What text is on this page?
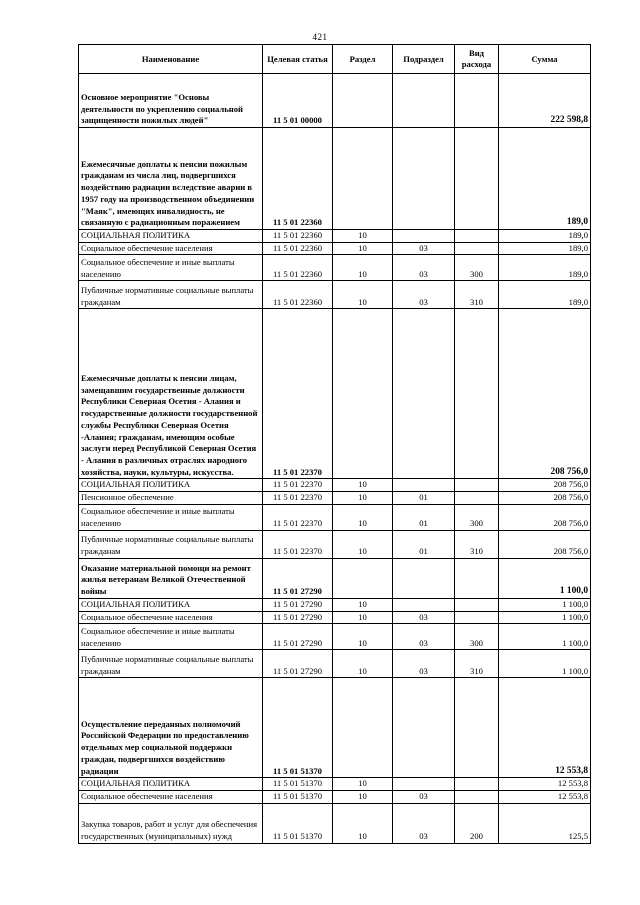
421
Наименование	Целевая статья	Раздел	Подраздел	Вид расхода	Сумма
Основное мероприятие "Основы деятельности по укреплению социальной защищенности пожилых людей"	11 5 01 00000				222 598,8
Ежемесячные доплаты к пенсии пожилым гражданам из числа лиц, подвергшихся воздействию радиации вследствие аварии в 1957 году на производственном объединении "Маяк", имеющих инвалидность, не связанную с радиационным поражением	11 5 01 22360				189,0
СОЦИАЛЬНАЯ ПОЛИТИКА	11 5 01 22360	10			189,0
Социальное обеспечение населения	11 5 01 22360	10	03		189,0
Социальное обеспечение и иные выплаты населению	11 5 01 22360	10	03	300	189,0
Публичные нормативные социальные выплаты гражданам	11 5 01 22360	10	03	310	189,0
Ежемесячные доплаты к пенсии лицам, замещавшим государственные должности Республики Северная Осетия - Алания и государственные должности государственной службы Республики Северная Осетия -Алания; гражданам, имеющим особые заслуги перед Республикой Северная Осетия - Алания в различных отраслях народного хозяйства, науки, культуры, искусства.	11 5 01 22370				208 756,0
СОЦИАЛЬНАЯ ПОЛИТИКА	11 5 01 22370	10			208 756,0
Пенсионное обеспечение	11 5 01 22370	10	01		208 756,0
Социальное обеспечение и иные выплаты населению	11 5 01 22370	10	01	300	208 756,0
Публичные нормативные социальные выплаты гражданам	11 5 01 22370	10	01	310	208 756,0
Оказание материальной помощи на ремонт жилья ветеранам Великой Отечественной войны	11 5 01 27290				1 100,0
СОЦИАЛЬНАЯ ПОЛИТИКА	11 5 01 27290	10			1 100,0
Социальное обеспечение населения	11 5 01 27290	10	03		1 100,0
Социальное обеспечение и иные выплаты населению	11 5 01 27290	10	03	300	1 100,0
Публичные нормативные социальные выплаты гражданам	11 5 01 27290	10	03	310	1 100,0
Осуществление переданных полномочий Российской Федерации по предоставлению отдельных мер социальной поддержки граждан, подвергшихся воздействию радиации	11 5 01 51370				12 553,8
СОЦИАЛЬНАЯ ПОЛИТИКА	11 5 01 51370	10			12 553,8
Социальное обеспечение населения	11 5 01 51370	10	03		12 553,8
Закупка товаров, работ и услуг для обеспечения государственных (муниципальных) нужд	11 5 01 51370	10	03	200	125,5
